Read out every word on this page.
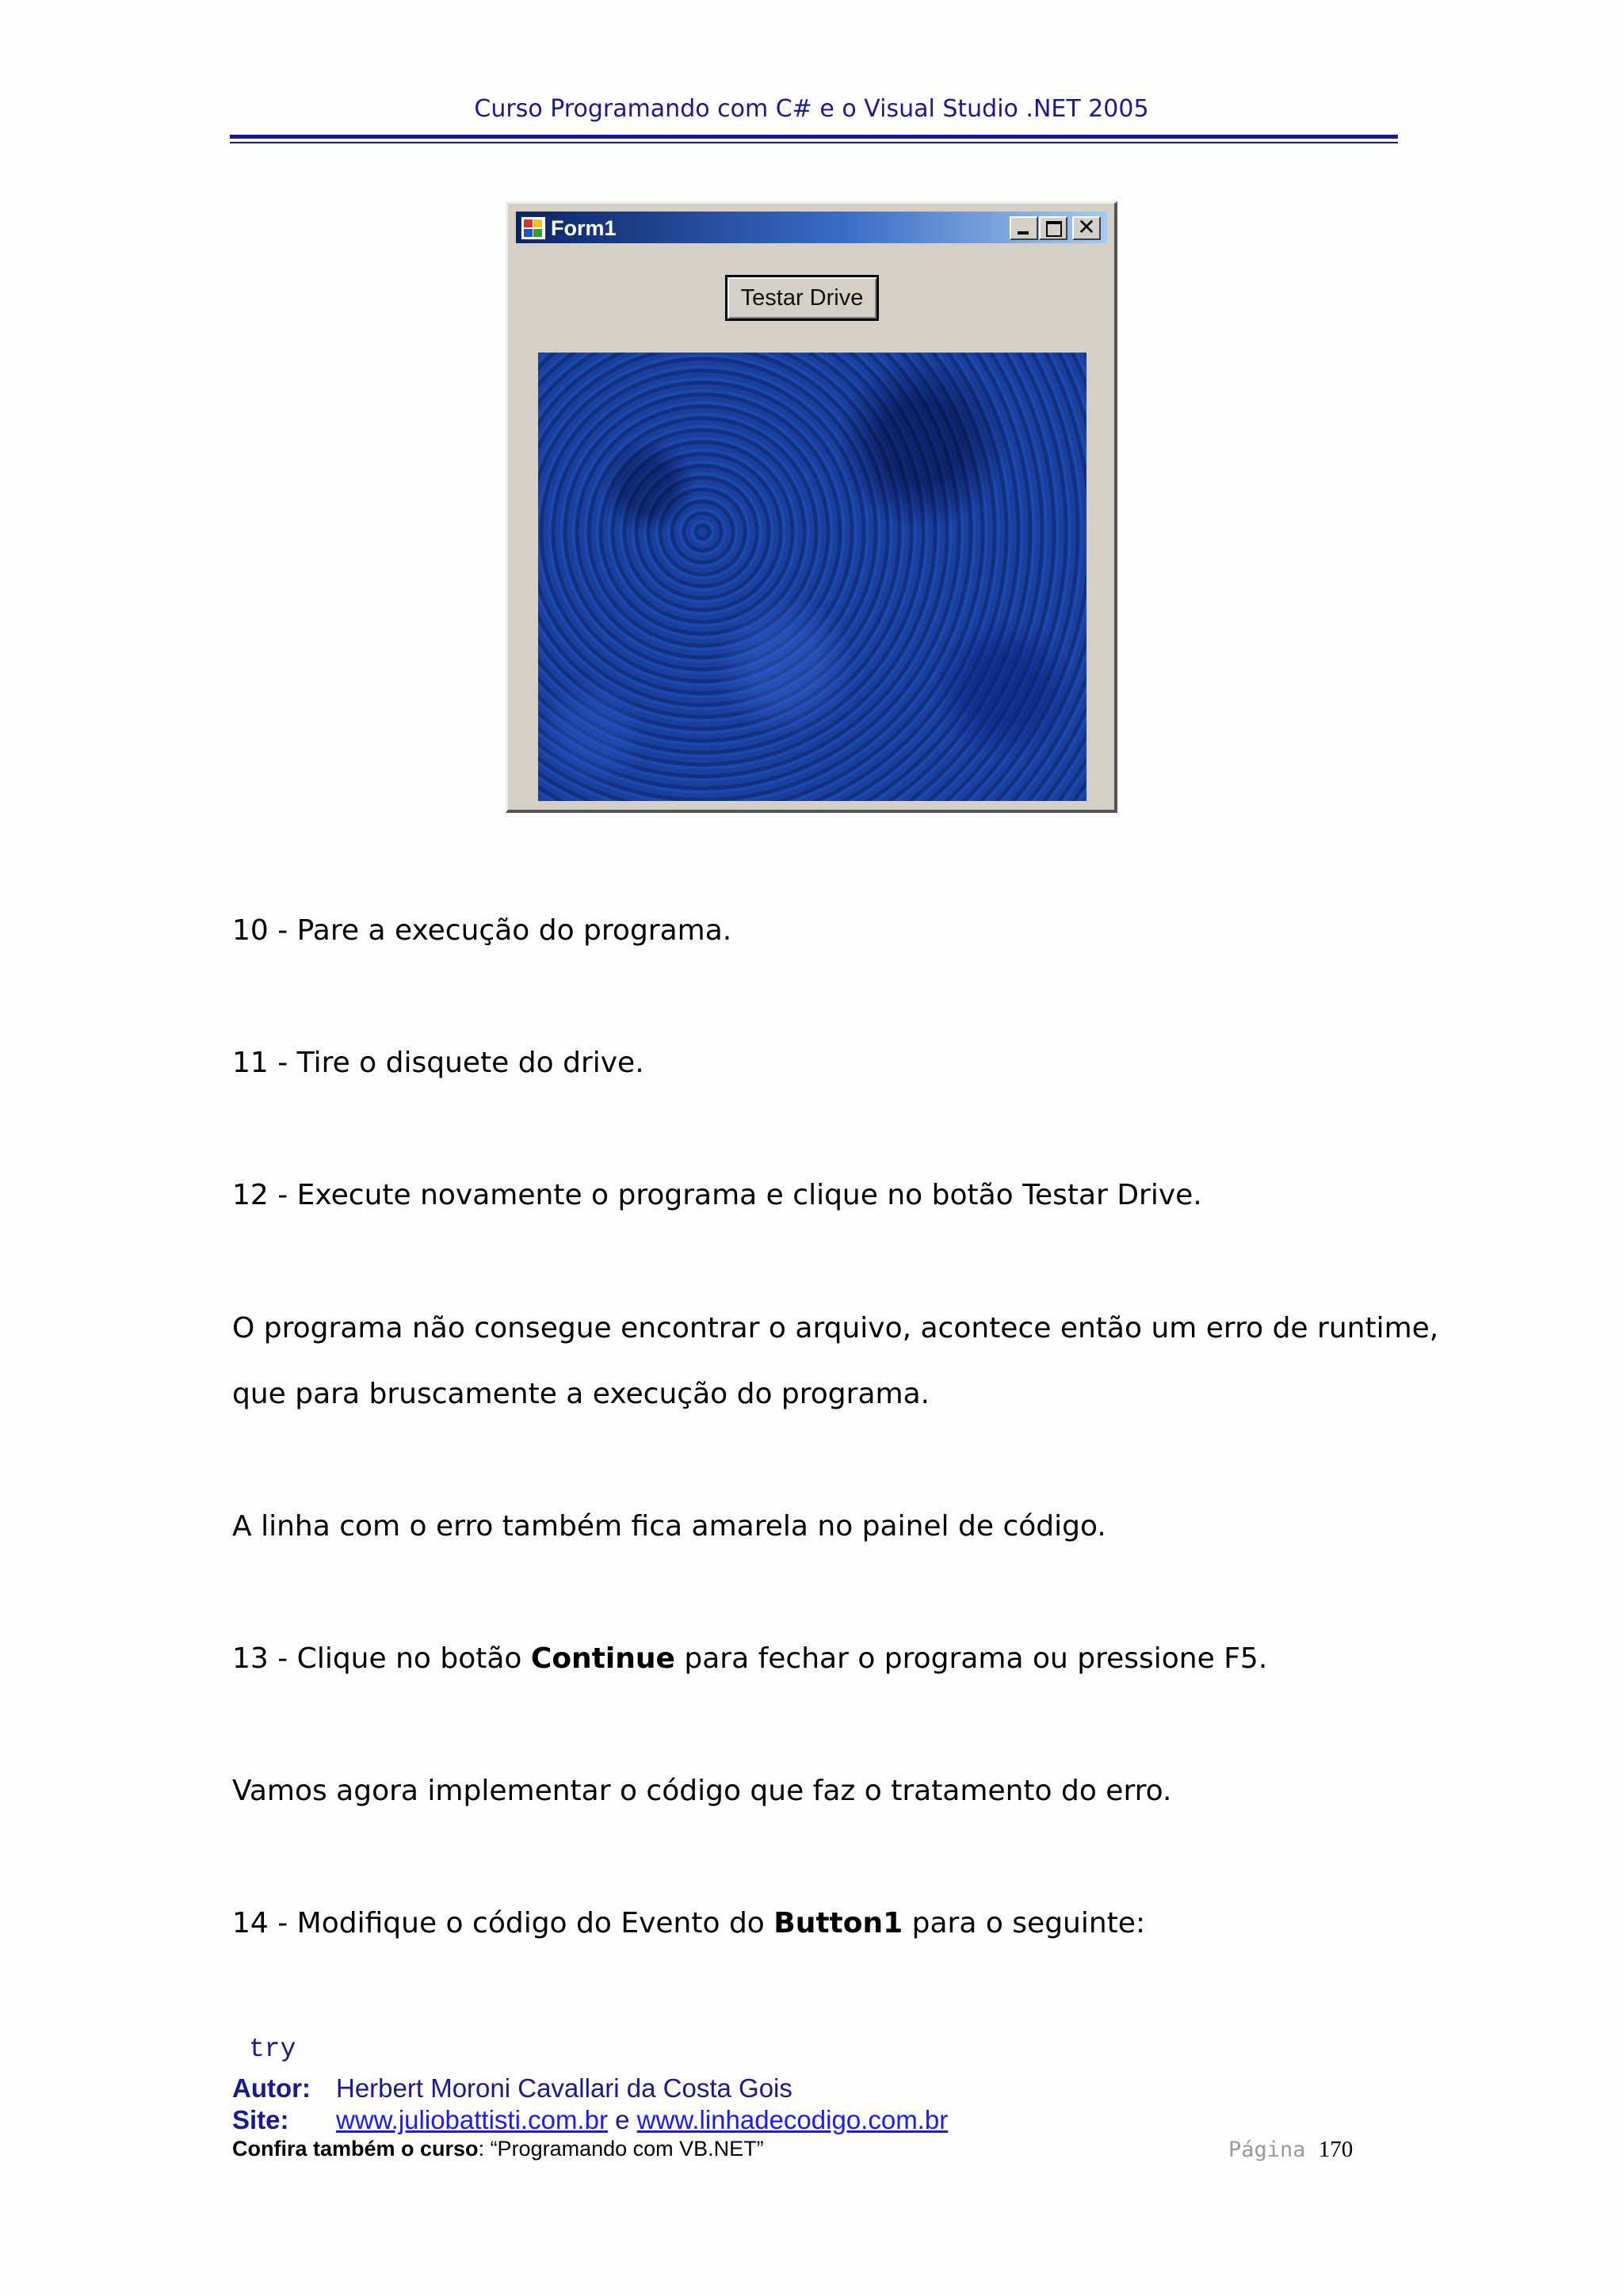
Curso Programando com C# e o Visual Studio .NET 2005
Form1	✕
Testar Drive
10 - Pare a execução do programa.
11 - Tire o disquete do drive.
12 - Execute novamente o programa e clique no botão Testar Drive.
O programa não consegue encontrar o arquivo, acontece então um erro de runtime,
que para bruscamente a execução do programa.
A linha com o erro também fica amarela no painel de código.
13 - Clique no botão Continue para fechar o programa ou pressione F5.
Vamos agora implementar o código que faz o tratamento do erro.
14 - Modifique o código do Evento do Button1 para o seguinte:
try
Autor: Herbert Moroni Cavallari da Costa Gois
Site: www.juliobattisti.com.br e www.linhadecodigo.com.br
Confira também o curso: “Programando com VB.NET”	Página 170
